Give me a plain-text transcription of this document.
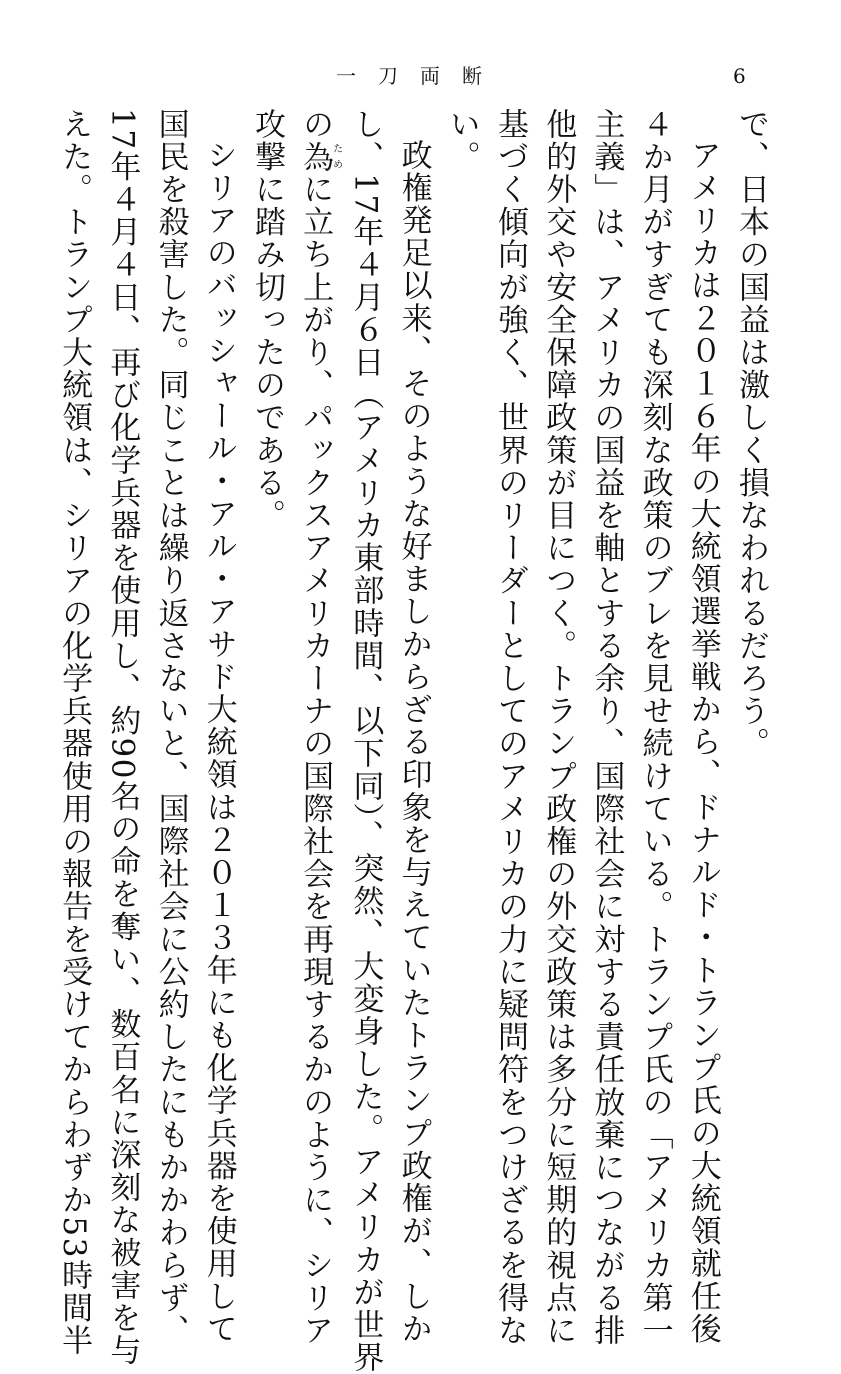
一刀両断	6
で、日本の国益は激しく損なわれるだろう。
アメリカは２０１６年の大統領選挙戦から、ドナルド・トランプ氏の大統領就任後
４か月がすぎても深刻な政策のブレを見せ続けている。トランプ氏の「アメリカ第一
主義」は、アメリカの国益を軸とする余り、国際社会に対する責任放棄につながる排
他的外交や安全保障政策が目につく。トランプ政権の外交政策は多分に短期的視点に
基づく傾向が強く、世界のリーダーとしてのアメリカの力に疑問符をつけざるを得な
い。
政権発足以来、そのような好ましからざる印象を与えていたトランプ政権が、しか
し、17年４月６日（アメリカ東部時間、以下同）、突然、大変身した。アメリカが世界
の為ために立ち上がり、パックスアメリカーナの国際社会を再現するかのように、シリア
攻撃に踏み切ったのである。
シリアのバッシャール・アル・アサド大統領は２０１３年にも化学兵器を使用して
国民を殺害した。同じことは繰り返さないと、国際社会に公約したにもかかわらず、
17年４月４日、再び化学兵器を使用し、約90名の命を奪い、数百名に深刻な被害を与
えた。トランプ大統領は、シリアの化学兵器使用の報告を受けてからわずか53時間半
